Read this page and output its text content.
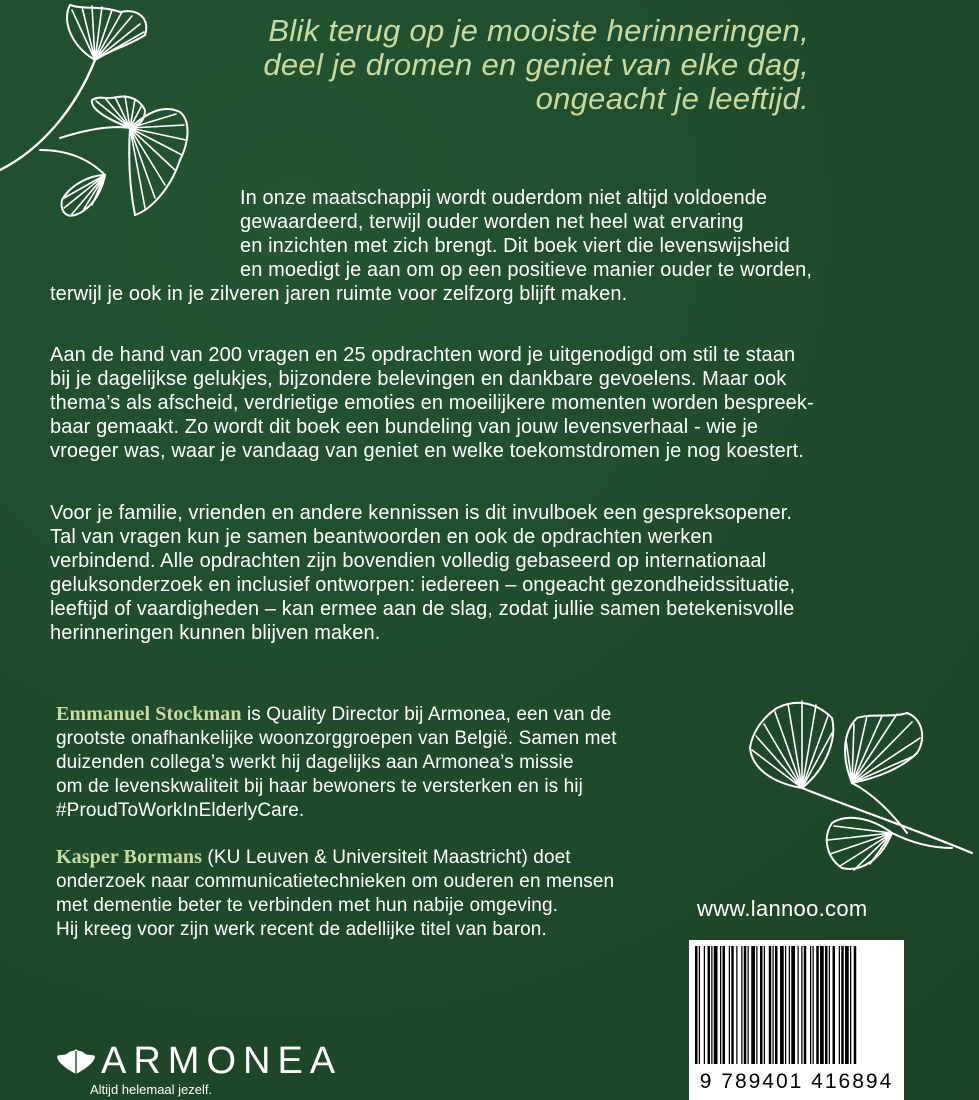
Blik terug op je mooiste herinneringen,
deel je dromen en geniet van elke dag,
ongeacht je leeftijd.
In onze maatschappij wordt ouderdom niet altijd voldoende
gewaardeerd, terwijl ouder worden net heel wat ervaring
en inzichten met zich brengt. Dit boek viert die levenswijsheid
en moedigt je aan om op een positieve manier ouder te worden,
terwijl je ook in je zilveren jaren ruimte voor zelfzorg blijft maken.
Aan de hand van 200 vragen en 25 opdrachten word je uitgenodigd om stil te staan
bij je dagelijkse gelukjes, bijzondere belevingen en dankbare gevoelens. Maar ook
thema’s als afscheid, verdrietige emoties en moeilijkere momenten worden bespreek-
baar gemaakt. Zo wordt dit boek een bundeling van jouw levensverhaal - wie je
vroeger was, waar je vandaag van geniet en welke toekomstdromen je nog koestert.
Voor je familie, vrienden en andere kennissen is dit invulboek een gespreksopener.
Tal van vragen kun je samen beantwoorden en ook de opdrachten werken
verbindend. Alle opdrachten zijn bovendien volledig gebaseerd op internationaal
geluksonderzoek en inclusief ontworpen: iedereen – ongeacht gezondheidssituatie,
leeftijd of vaardigheden – kan ermee aan de slag, zodat jullie samen betekenisvolle
herinneringen kunnen blijven maken.
Emmanuel Stockman is Quality Director bij Armonea, een van de
grootste onafhankelijke woonzorggroepen van België. Samen met
duizenden collega’s werkt hij dagelijks aan Armonea’s missie
om de levenskwaliteit bij haar bewoners te versterken en is hij
#ProudToWorkInElderlyCare.
Kasper Bormans (KU Leuven & Universiteit Maastricht) doet
onderzoek naar communicatietechnieken om ouderen en mensen
met dementie beter te verbinden met hun nabije omgeving.
Hij kreeg voor zijn werk recent de adellijke titel van baron.
www.lannoo.com
9 789401 416894
ARMONEA
Altijd helemaal jezelf.
